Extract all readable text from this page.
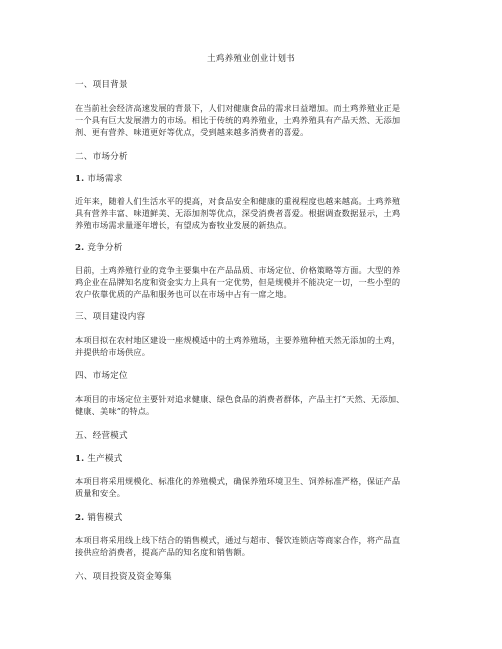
土鸡养殖业创业计划书
一、项目背景
在当前社会经济高速发展的背景下，人们对健康食品的需求日益增加。而土鸡养殖业正是
一个具有巨大发展潜力的市场。相比于传统的鸡养殖业，土鸡养殖具有产品天然、无添加
剂、更有营养、味道更好等优点，受到越来越多消费者的喜爱。
二、市场分析
1. 市场需求
近年来，随着人们生活水平的提高，对食品安全和健康的重视程度也越来越高。土鸡养殖
具有营养丰富、味道鲜美、无添加剂等优点，深受消费者喜爱。根据调查数据显示，土鸡
养殖市场需求量逐年增长，有望成为畜牧业发展的新热点。
2. 竞争分析
目前，土鸡养殖行业的竞争主要集中在产品品质、市场定位、价格策略等方面。大型的养
鸡企业在品牌知名度和资金实力上具有一定优势，但是规模并不能决定一切，一些小型的
农户依靠优质的产品和服务也可以在市场中占有一席之地。
三、项目建设内容
本项目拟在农村地区建设一座规模适中的土鸡养殖场，主要养殖种植天然无添加的土鸡，
并提供给市场供应。
四、市场定位
本项目的市场定位主要针对追求健康、绿色食品的消费者群体，产品主打“天然、无添加、
健康、美味”的特点。
五、经营模式
1. 生产模式
本项目将采用规模化、标准化的养殖模式，确保养殖环境卫生、饲养标准严格，保证产品
质量和安全。
2. 销售模式
本项目将采用线上线下结合的销售模式，通过与超市、餐饮连锁店等商家合作，将产品直
接供应给消费者，提高产品的知名度和销售额。
六、项目投资及资金筹集
